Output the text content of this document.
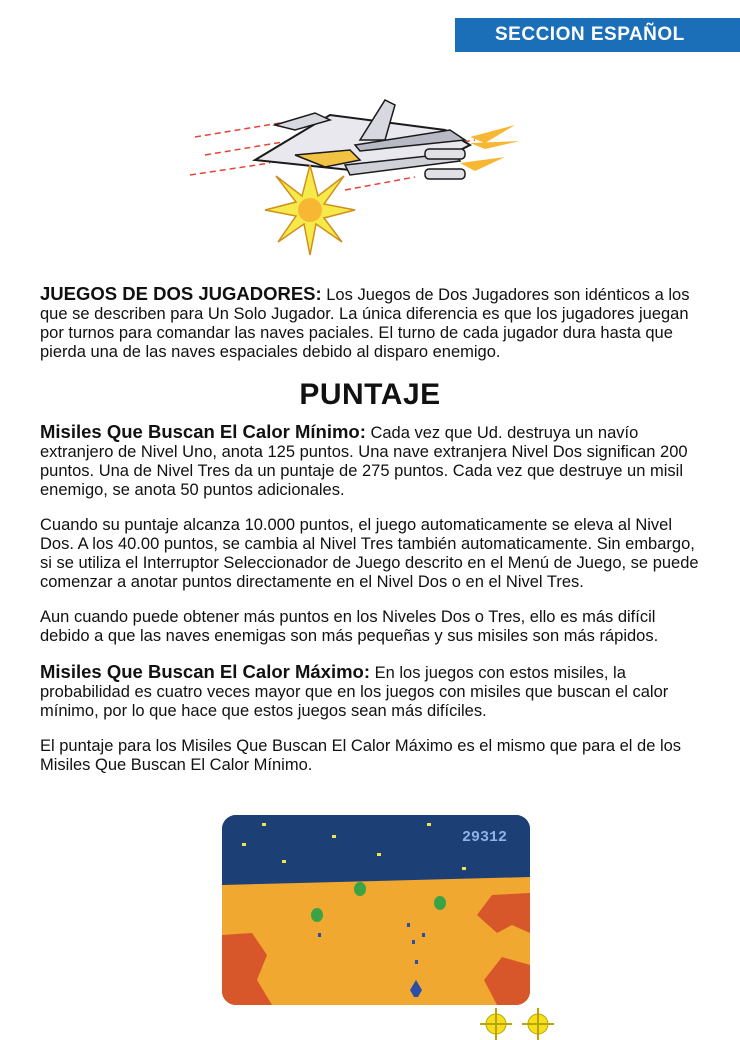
SECCION ESPAÑOL

JUEGOS DE DOS JUGADORES: Los Juegos de Dos Jugadores son idénticos a los que se describen para Un Solo Jugador. La única diferencia es que los jugadores juegan por turnos para comandar las naves paciales. El turno de cada jugador dura hasta que pierda una de las naves espaciales debido al disparo enemigo.

PUNTAJE

Misiles Que Buscan El Calor Mínimo: Cada vez que Ud. destruya un navío extranjero de Nivel Uno, anota 125 puntos. Una nave extranjera Nivel Dos significan 200 puntos. Una de Nivel Tres da un puntaje de 275 puntos. Cada vez que destruye un misil enemigo, se anota 50 puntos adicionales.

Cuando su puntaje alcanza 10.000 puntos, el juego automaticamente se eleva al Nivel Dos. A los 40.00 puntos, se cambia al Nivel Tres también automaticamente. Sin embargo, si se utiliza el Interruptor Seleccionador de Juego descrito en el Menú de Juego, se puede comenzar a anotar puntos directamente en el Nivel Dos o en el Nivel Tres.

Aun cuando puede obtener más puntos en los Niveles Dos o Tres, ello es más difícil debido a que las naves enemigas son más pequeñas y sus misiles son más rápidos.

Misiles Que Buscan El Calor Máximo: En los juegos con estos misiles, la probabilidad es cuatro veces mayor que en los juegos con misiles que buscan el calor mínimo, por lo que hace que estos juegos sean más difíciles.

El puntaje para los Misiles Que Buscan El Calor Máximo es el mismo que para el de los Misiles Que Buscan El Calor Mínimo.

29312
